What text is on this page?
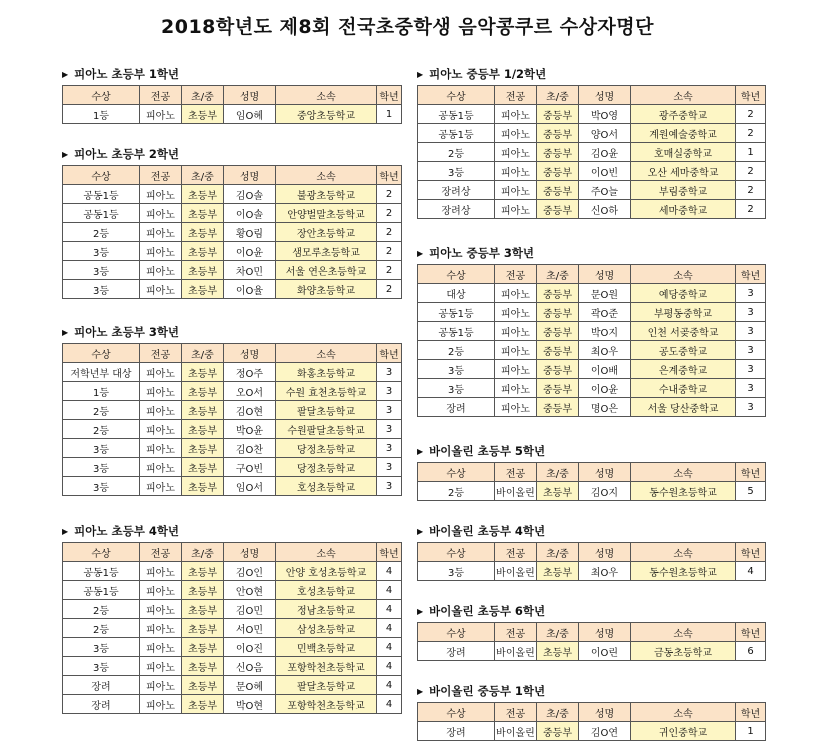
2018학년도 제8회 전국초중학생 음악콩쿠르 수상자명단
▶ 피아노 초등부 1학년
수상	전공	초/중	성명	소속	학년
1등	피아노	초등부	임O혜	중앙초등학교	1
▶ 피아노 초등부 2학년
수상	전공	초/중	성명	소속	학년
공동1등	피아노	초등부	김O솔	불광초등학교	2
공동1등	피아노	초등부	이O솔	안양벌말초등학교	2
2등	피아노	초등부	황O림	장안초등학교	2
3등	피아노	초등부	이O윤	샘모루초등학교	2
3등	피아노	초등부	차O민	서울 연은초등학교	2
3등	피아노	초등부	이O율	화양초등학교	2
▶ 피아노 초등부 3학년
수상	전공	초/중	성명	소속	학년
저학년부 대상	피아노	초등부	정O주	화홍초등학교	3
1등	피아노	초등부	오O서	수원 효천초등학교	3
2등	피아노	초등부	김O현	팔달초등학교	3
2등	피아노	초등부	박O윤	수원팔달초등학교	3
3등	피아노	초등부	김O찬	당정초등학교	3
3등	피아노	초등부	구O빈	당정초등학교	3
3등	피아노	초등부	임O서	호성초등학교	3
▶ 피아노 초등부 4학년
수상	전공	초/중	성명	소속	학년
공동1등	피아노	초등부	김O인	안양 호성초등학교	4
공동1등	피아노	초등부	안O현	호성초등학교	4
2등	피아노	초등부	김O민	정남초등학교	4
2등	피아노	초등부	서O민	삼성초등학교	4
3등	피아노	초등부	이O진	민백초등학교	4
3등	피아노	초등부	신O음	포항학천초등학교	4
장려	피아노	초등부	문O혜	팔달초등학교	4
장려	피아노	초등부	박O현	포항학천초등학교	4
▶ 피아노 중등부 1/2학년
수상	전공	초/중	성명	소속	학년
공동1등	피아노	중등부	박O영	광주중학교	2
공동1등	피아노	중등부	양O서	계원예술중학교	2
2등	피아노	중등부	김O윤	호매실중학교	1
3등	피아노	중등부	이O빈	오산 세마중학교	2
장려상	피아노	중등부	주O늘	부림중학교	2
장려상	피아노	중등부	신O하	세마중학교	2
▶ 피아노 중등부 3학년
수상	전공	초/중	성명	소속	학년
대상	피아노	중등부	문O원	예당중학교	3
공동1등	피아노	중등부	곽O준	부평동중학교	3
공동1등	피아노	중등부	박O지	인천 서곶중학교	3
2등	피아노	중등부	최O우	공도중학교	3
3등	피아노	중등부	이O배	은계중학교	3
3등	피아노	중등부	이O윤	수내중학교	3
장려	피아노	중등부	명O은	서울 당산중학교	3
▶ 바이올린 초등부 5학년
수상	전공	초/중	성명	소속	학년
2등	바이올린	초등부	김O지	동수원초등학교	5
▶ 바이올린 초등부 4학년
수상	전공	초/중	성명	소속	학년
3등	바이올린	초등부	최O우	동수원초등학교	4
▶ 바이올린 초등부 6학년
수상	전공	초/중	성명	소속	학년
장려	바이올린	초등부	이O린	금동초등학교	6
▶ 바이올린 중등부 1학년
수상	전공	초/중	성명	소속	학년
장려	바이올린	중등부	김O연	귀인중학교	1
